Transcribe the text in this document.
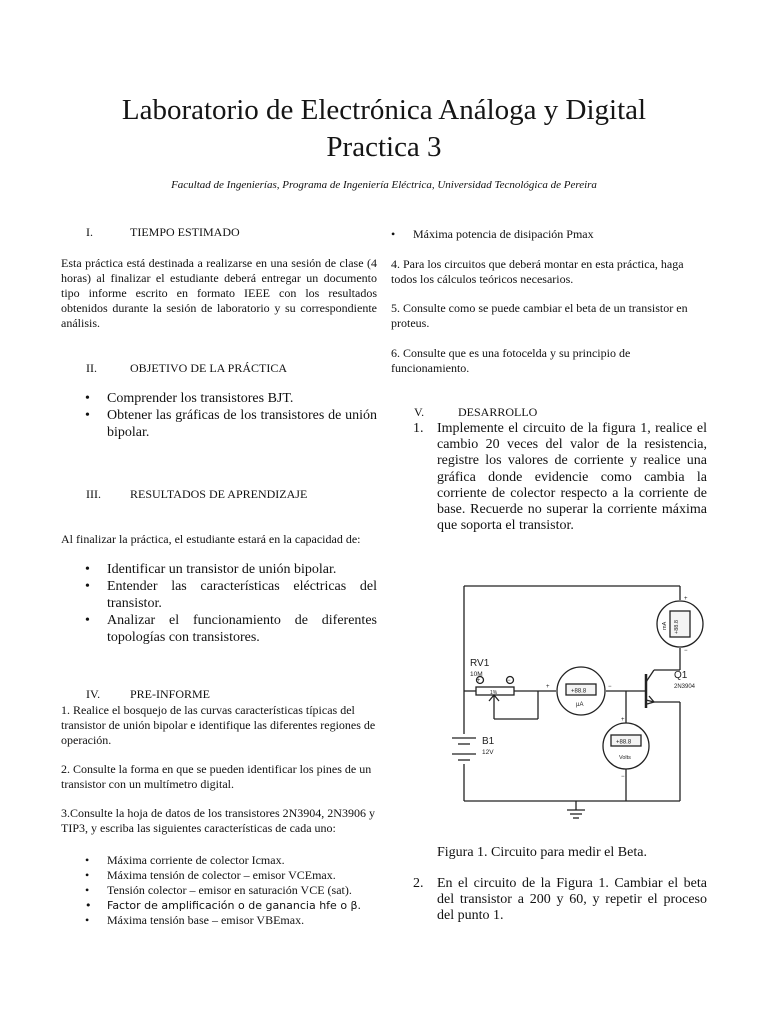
Laboratorio de Electrónica Análoga y Digital
Practica 3
Facultad de Ingenierías, Programa de Ingeniería Eléctrica, Universidad Tecnológica de Pereira
I.	TIEMPO ESTIMADO
Esta práctica está destinada a realizarse en una sesión de clase (4 horas) al finalizar el estudiante deberá entregar un documento tipo informe escrito en formato IEEE con los resultados obtenidos durante la sesión de laboratorio y su correspondiente análisis.
II.	OBJETIVO DE LA PRÁCTICA
• Comprender los transistores BJT.
• Obtener las gráficas de los transistores de unión bipolar.
III. RESULTADOS DE APRENDIZAJE
Al finalizar la práctica, el estudiante estará en la capacidad de:
• Identificar un transistor de unión bipolar.
• Entender las características eléctricas del transistor.
• Analizar el funcionamiento de diferentes topologías con transistores.
IV. PRE-INFORME
1. Realice el bosquejo de las curvas características típicas del transistor de unión bipolar e identifique las diferentes regiones de operación.
2. Consulte la forma en que se pueden identificar los pines de un transistor con un multímetro digital.
3.Consulte la hoja de datos de los transistores 2N3904, 2N3906 y TIP3, y escriba las siguientes características de cada uno:
• Máxima corriente de colector Icmax.
• Máxima tensión de colector – emisor VCEmax.
• Tensión colector – emisor en saturación VCE (sat).
• Factor de amplificación o de ganancia hfe o β.
• Máxima tensión base – emisor VBEmax.
• Máxima potencia de disipación Pmax
4. Para los circuitos que deberá montar en esta práctica, haga todos los cálculos teóricos necesarios.
5. Consulte como se puede cambiar el beta de un transistor en proteus.
6. Consulte que es una fotocelda y su principio de funcionamiento.
V.	DESARROLLO
1. Implemente el circuito de la figura 1, realice el cambio 20 veces del valor de la resistencia, registre los valores de corriente y realice una gráfica donde evidencie como cambia la corriente de colector respecto a la corriente de base. Recuerde no superar la corriente máxima que soporta el transistor.
RV1
10M
1%
+	−	Q1
2N3904
B1
12V
+88.8
µA
+	−
+88.8
Volts
+
−
+
−
+88.8
mA
Figura 1. Circuito para medir el Beta.
2. En el circuito de la Figura 1. Cambiar el beta del transistor a 200 y 60, y repetir el proceso del punto 1.
